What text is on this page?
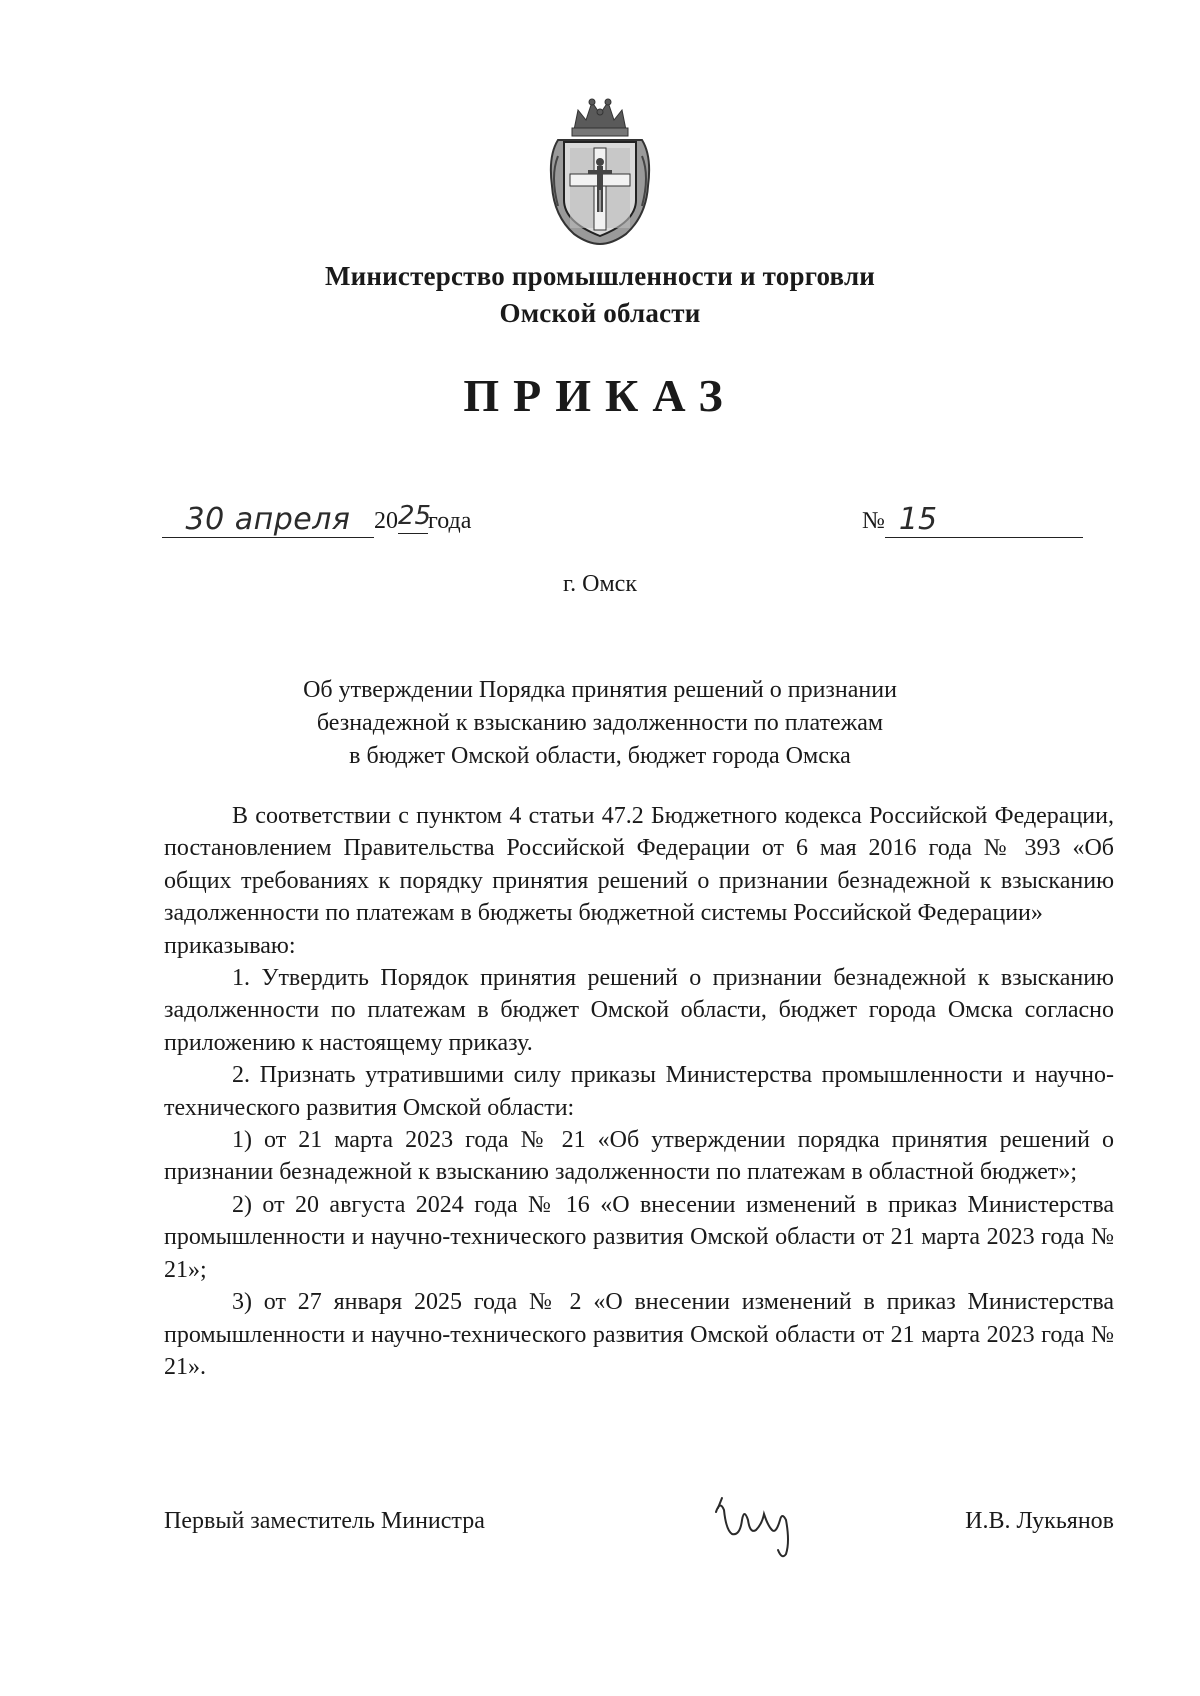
Министерство промышленности и торговли
Омской области
ПРИКАЗ
30 апреля 2025года	№ 15
г. Омск
Об утверждении Порядка принятия решений о признании
безнадежной к взысканию задолженности по платежам
в бюджет Омской области, бюджет города Омска

В соответствии с пунктом 4 статьи 47.2 Бюджетного кодекса Российской Федерации, постановлением Правительства Российской Федерации от 6 мая 2016 года № 393 «Об общих требованиях к порядку принятия решений о признании безнадежной к взысканию задолженности по платежам в бюджеты бюджетной системы Российской Федерации»

приказываю:

1. Утвердить Порядок принятия решений о признании безнадежной к взысканию задолженности по платежам в бюджет Омской области, бюджет города Омска согласно приложению к настоящему приказу.

2. Признать утратившими силу приказы Министерства промышленности и научно-технического развития Омской области:

1) от 21 марта 2023 года № 21 «Об утверждении порядка принятия решений о признании безнадежной к взысканию задолженности по платежам в областной бюджет»;

2) от 20 августа 2024 года № 16 «О внесении изменений в приказ Министерства промышленности и научно-технического развития Омской области от 21 марта 2023 года № 21»;

3) от 27 января 2025 года № 2 «О внесении изменений в приказ Министерства промышленности и научно-технического развития Омской области от 21 марта 2023 года № 21».

Первый заместитель Министра	И.В. Лукьянов
